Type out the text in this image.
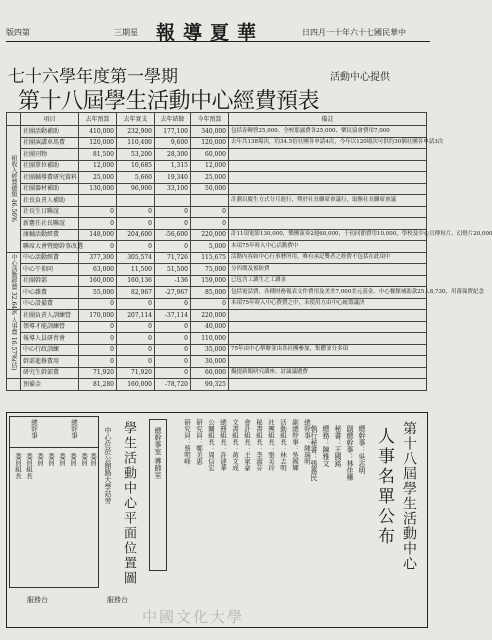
版四第	三期星 報導夏華	日四月一十年六十七國民華中
七十六學年度第一學期
第十八屆學生活動中心經費預表
活動中心提供
	項目	去年預算	去年實支	去年結餘	今年預算	備註
組收入經費總額 46.56%	社團活動補助	410,000	232,900	177,100	340,000	包括春暉營25,000、全校那露費各25,000、樂民協會費用7,000
	社團演講車馬費	120,000	110,400	9,600	120,000	去年共138場次，約34.5倍社團各申請4次，今年以120場次可供約30個社團各申請3次
	社團刊物	81,500	53,200	28,300	60,000	
	社團單位補助	12,000	10,685	1,315	12,000	
	社團輔導費研究資料	25,000	5,660	19,340	25,000	
	社團器材補助	130,000	96,900	33,100	50,000	
	社長負責人補助					計劃以慶生方式分月進行，獎於社長聯席會議行，取衡社長聯席會議
	社長生日聯誼	0	0	0	0	
	新舊任社長聯誼	0	0	0	0	
	康輔活動經費	148,000	204,600	-56,600	220,000	計11項電影130,000，樂團演奏2週60,000，千仞同節費用10,000，學校及中心宣傳短片、幻燈片20,000
	聯席大會暨總幹事改選	0	0	0	5,000	本項75年時入中心活動費中
中心活動經費 32.64%	中心活動經費	377,300	305,574	71,726	115,675	活動內容如中心行事曆所用，唯有承記雙者之經費不包括在此項中
	中心午仰同	63,000	11,500	51,500	75,000	分四期及預防費
	社團幹部	160,000	160,136	-136	159,000	已包含工讀生之工讀金
	中心雜費	55,000	82,967	-27,967	85,000	包括電話費、各種財務報表文件費用及美差7,000美元基金、中心餐館補助款25人8,730，用落保費紀念
	中心設備費	0	0	0	0	本項75年時入中心費費之中，未使用方由中心統籌議決
人事費 16.57%(佔)	社團負責人訓練營	170,000	207,114	-37,114	220,000	
	領導才能訓練營	0	0	0	40,000	
	報導人員研習會	0	0	0	110,000	
	中心行政訓練	0	0	0	35,000	75年由中心舉辦並由各社團參加，集體並分多項
	幹部進修費用	0	0	0	30,000	
	研究生幹部費	71,920	71,920	0	60,000	擬提新聞研究講座、討論議題費
	預備金	81,280	160,000	-78,720	99,325	
總幹事	總幹事
委員組長 委員組長 委員 委員 委員 委員 委員 委員 中心位於公館路大學站旁 學生活動中心平面位置圖	總幹事室 導師室	總幹事：陳瑞明
副總幹事：吳國輝
活動組長：林志明
社團組長：張美玲
秘書組長：李淑芬
會計組長：王家豪
文書組長：黃文成
總務組長：許建華
公關組長：周信宏
研究員：鄭美惠
研究員：蔡明峰	第十八屆學生活動中心
人事名單公布
總幹事：吳志明
副總幹事：林佳樺
秘書：王國銘
總務：陳雅文
執行秘書：張惠民
服務台	服務台
中國文化大學
